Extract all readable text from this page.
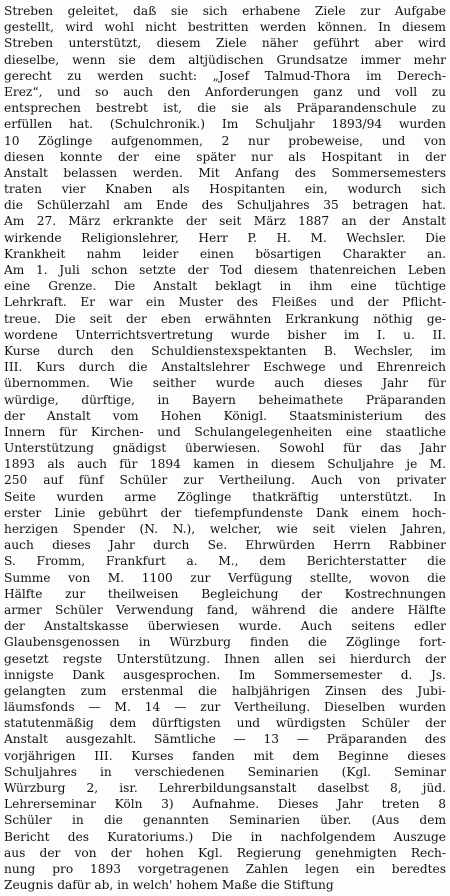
Streben geleitet, daß sie sich erhabene Ziele zur Aufgabe
gestellt, wird wohl nicht bestritten werden können. In diesem
Streben unterstützt, diesem Ziele näher geführt aber wird
dieselbe, wenn sie dem altjüdischen Grundsatze immer mehr
gerecht zu werden sucht: „Josef Talmud-Thora im Derech-
Erez“, und so auch den Anforderungen ganz und voll zu
entsprechen bestrebt ist, die sie als Präparandenschule zu
erfüllen hat. (Schulchronik.) Im Schuljahr 1893/94 wurden
10 Zöglinge aufgenommen, 2 nur probeweise, und von
diesen konnte der eine später nur als Hospitant in der
Anstalt belassen werden. Mit Anfang des Sommersemesters
traten vier Knaben als Hospitanten ein, wodurch sich
die Schülerzahl am Ende des Schuljahres 35 betragen hat.
Am 27. März erkrankte der seit März 1887 an der Anstalt
wirkende Religionslehrer, Herr P. H. M. Wechsler. Die
Krankheit nahm leider einen bösartigen Charakter an.
Am 1. Juli schon setzte der Tod diesem thatenreichen Leben
eine Grenze. Die Anstalt beklagt in ihm eine tüchtige
Lehrkraft. Er war ein Muster des Fleißes und der Pflicht-
treue. Die seit der eben erwähnten Erkrankung nöthig ge-
wordene Unterrichtsvertretung wurde bisher im I. u. II.
Kurse durch den Schuldienstexspektanten B. Wechsler, im
III. Kurs durch die Anstaltslehrer Eschwege und Ehrenreich
übernommen. Wie seither wurde auch dieses Jahr für
würdige, dürftige, in Bayern beheimathete Präparanden
der Anstalt vom Hohen Königl. Staatsministerium des
Innern für Kirchen- und Schulangelegenheiten eine staatliche
Unterstützung gnädigst überwiesen. Sowohl für das Jahr
1893 als auch für 1894 kamen in diesem Schuljahre je M.
250 auf fünf Schüler zur Vertheilung. Auch von privater
Seite wurden arme Zöglinge thatkräftig unterstützt. In
erster Linie gebührt der tiefempfundenste Dank einem hoch-
herzigen Spender (N. N.), welcher, wie seit vielen Jahren,
auch dieses Jahr durch Se. Ehrwürden Herrn Rabbiner
S. Fromm, Frankfurt a. M., dem Berichterstatter die
Summe von M. 1100 zur Verfügung stellte, wovon die
Hälfte zur theilweisen Begleichung der Kostrechnungen
armer Schüler Verwendung fand, während die andere Hälfte
der Anstaltskasse überwiesen wurde. Auch seitens edler
Glaubensgenossen in Würzburg finden die Zöglinge fort-
gesetzt regste Unterstützung. Ihnen allen sei hierdurch der
innigste Dank ausgesprochen. Im Sommersemester d. Js.
gelangten zum erstenmal die halbjährigen Zinsen des Jubi-
läumsfonds — M. 14 — zur Vertheilung. Dieselben wurden
statutenmäßig dem dürftigsten und würdigsten Schüler der
Anstalt ausgezahlt. Sämtliche — 13 — Präparanden des
vorjährigen III. Kurses fanden mit dem Beginne dieses
Schuljahres in verschiedenen Seminarien (Kgl. Seminar
Würzburg 2, isr. Lehrerbildungsanstalt daselbst 8, jüd.
Lehrerseminar Köln 3) Aufnahme. Dieses Jahr treten 8
Schüler in die genannten Seminarien über. (Aus dem
Bericht des Kuratoriums.) Die in nachfolgendem Auszuge
aus der von der hohen Kgl. Regierung genehmigten Rech-
nung pro 1893 vorgetragenen Zahlen legen ein beredtes
Zeugnis dafür ab, in welch' hohem Maße die Stiftung
